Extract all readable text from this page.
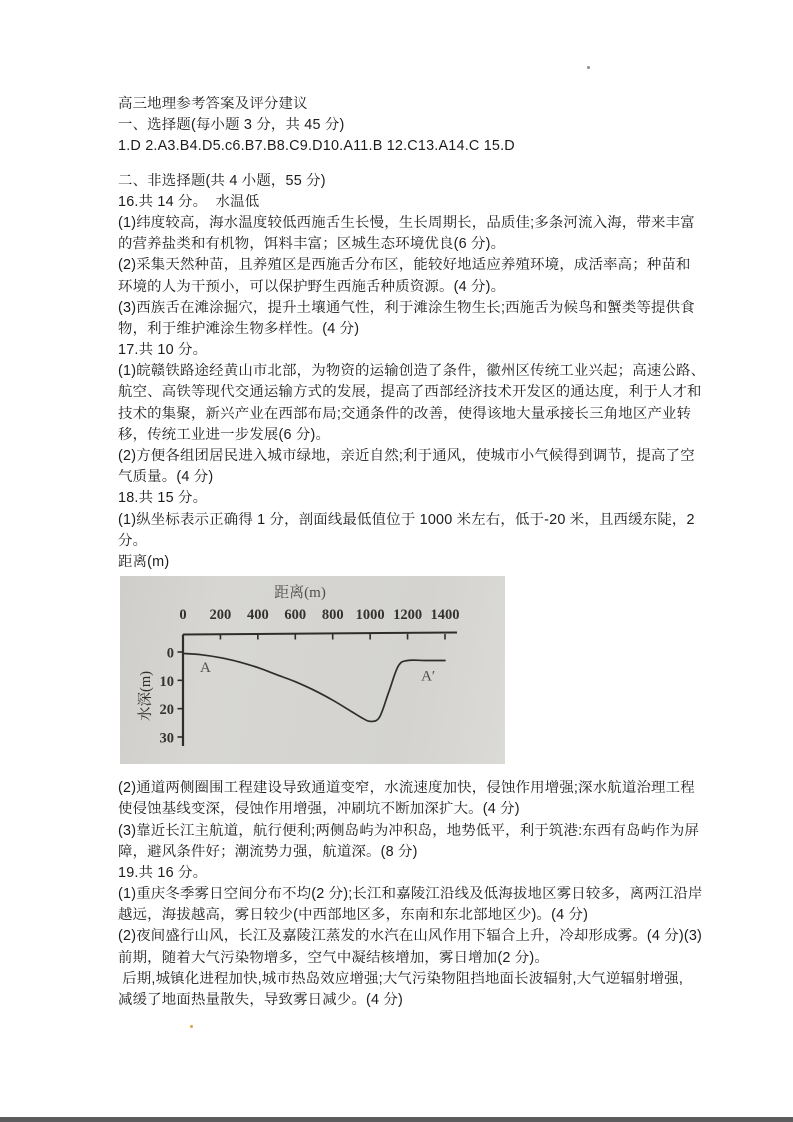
高三地理参考答案及评分建议
一、选择题(每小题 3 分，共 45 分)
1.D 2.A3.B4.D5.c6.B7.B8.C9.D10.A11.B 12.C13.A14.C 15.D
二、非选择题(共 4 小题，55 分)
16.共 14 分。  水温低
(1)纬度较高，海水温度较低西施舌生长慢，生长周期长，品质佳;多条河流入海，带来丰富
的营养盐类和有机物，饵料丰富；区城生态环境优良(6 分)。
(2)采集天然种苗，且养殖区是西施舌分布区，能较好地适应养殖环境，成活率高；种苗和
环境的人为干预小，可以保护野生西施舌种质资源。(4 分)。
(3)西族舌在滩涂掘穴，提升土壤通气性，利于滩涂生物生长;西施舌为候鸟和蟹类等提供食
物，利于维护滩涂生物多样性。(4 分)
17.共 10 分。
(1)皖赣铁路途经黄山市北部，为物资的运输创造了条件，徽州区传统工业兴起；高速公路、
航空、高铁等现代交通运输方式的发展，提高了西部经济技术开发区的通达度，利于人才和
技术的集聚，新兴产业在西部布局;交通条件的改善，使得该地大量承接长三角地区产业转
移，传统工业进一步发展(6 分)。
(2)方便各组团居民进入城市绿地，亲近自然;利于通风，使城市小气候得到调节，提高了空
气质量。(4 分)
18.共 15 分。
(1)纵坐标表示正确得 1 分，剖面线最低值位于 1000 米左右，低于-20 米，且西缓东陡，2
分。
距离(m)
距离(m)
0 200 400 600 800 1000 1200 1400
0
10
20
30
水深(m)
A
A′
(2)通道两侧圈围工程建设导致通道变窄，水流速度加快，侵蚀作用增强;深水航道治理工程
使侵蚀基线变深，侵蚀作用增强，冲刷坑不断加深扩大。(4 分)
(3)靠近长江主航道，航行便利;两侧岛屿为冲积岛，地势低平，利于筑港:东西有岛屿作为屏
障，避风条件好；潮流势力强，航道深。(8 分)
19.共 16 分。
(1)重庆冬季雾日空间分布不均(2 分);长江和嘉陵江沿线及低海拔地区雾日较多，离两江沿岸
越远，海拔越高，雾日较少(中西部地区多，东南和东北部地区少)。(4 分)
(2)夜间盛行山风，长江及嘉陵江蒸发的水汽在山风作用下辐合上升，冷却形成雾。(4 分)(3)
前期，随着大气污染物增多，空气中凝结核增加，雾日增加(2 分)。
后期,城镇化进程加快,城市热岛效应增强;大气污染物阻挡地面长波辐射,大气逆辐射增强,
减缓了地面热量散失，导致雾日减少。(4 分)
